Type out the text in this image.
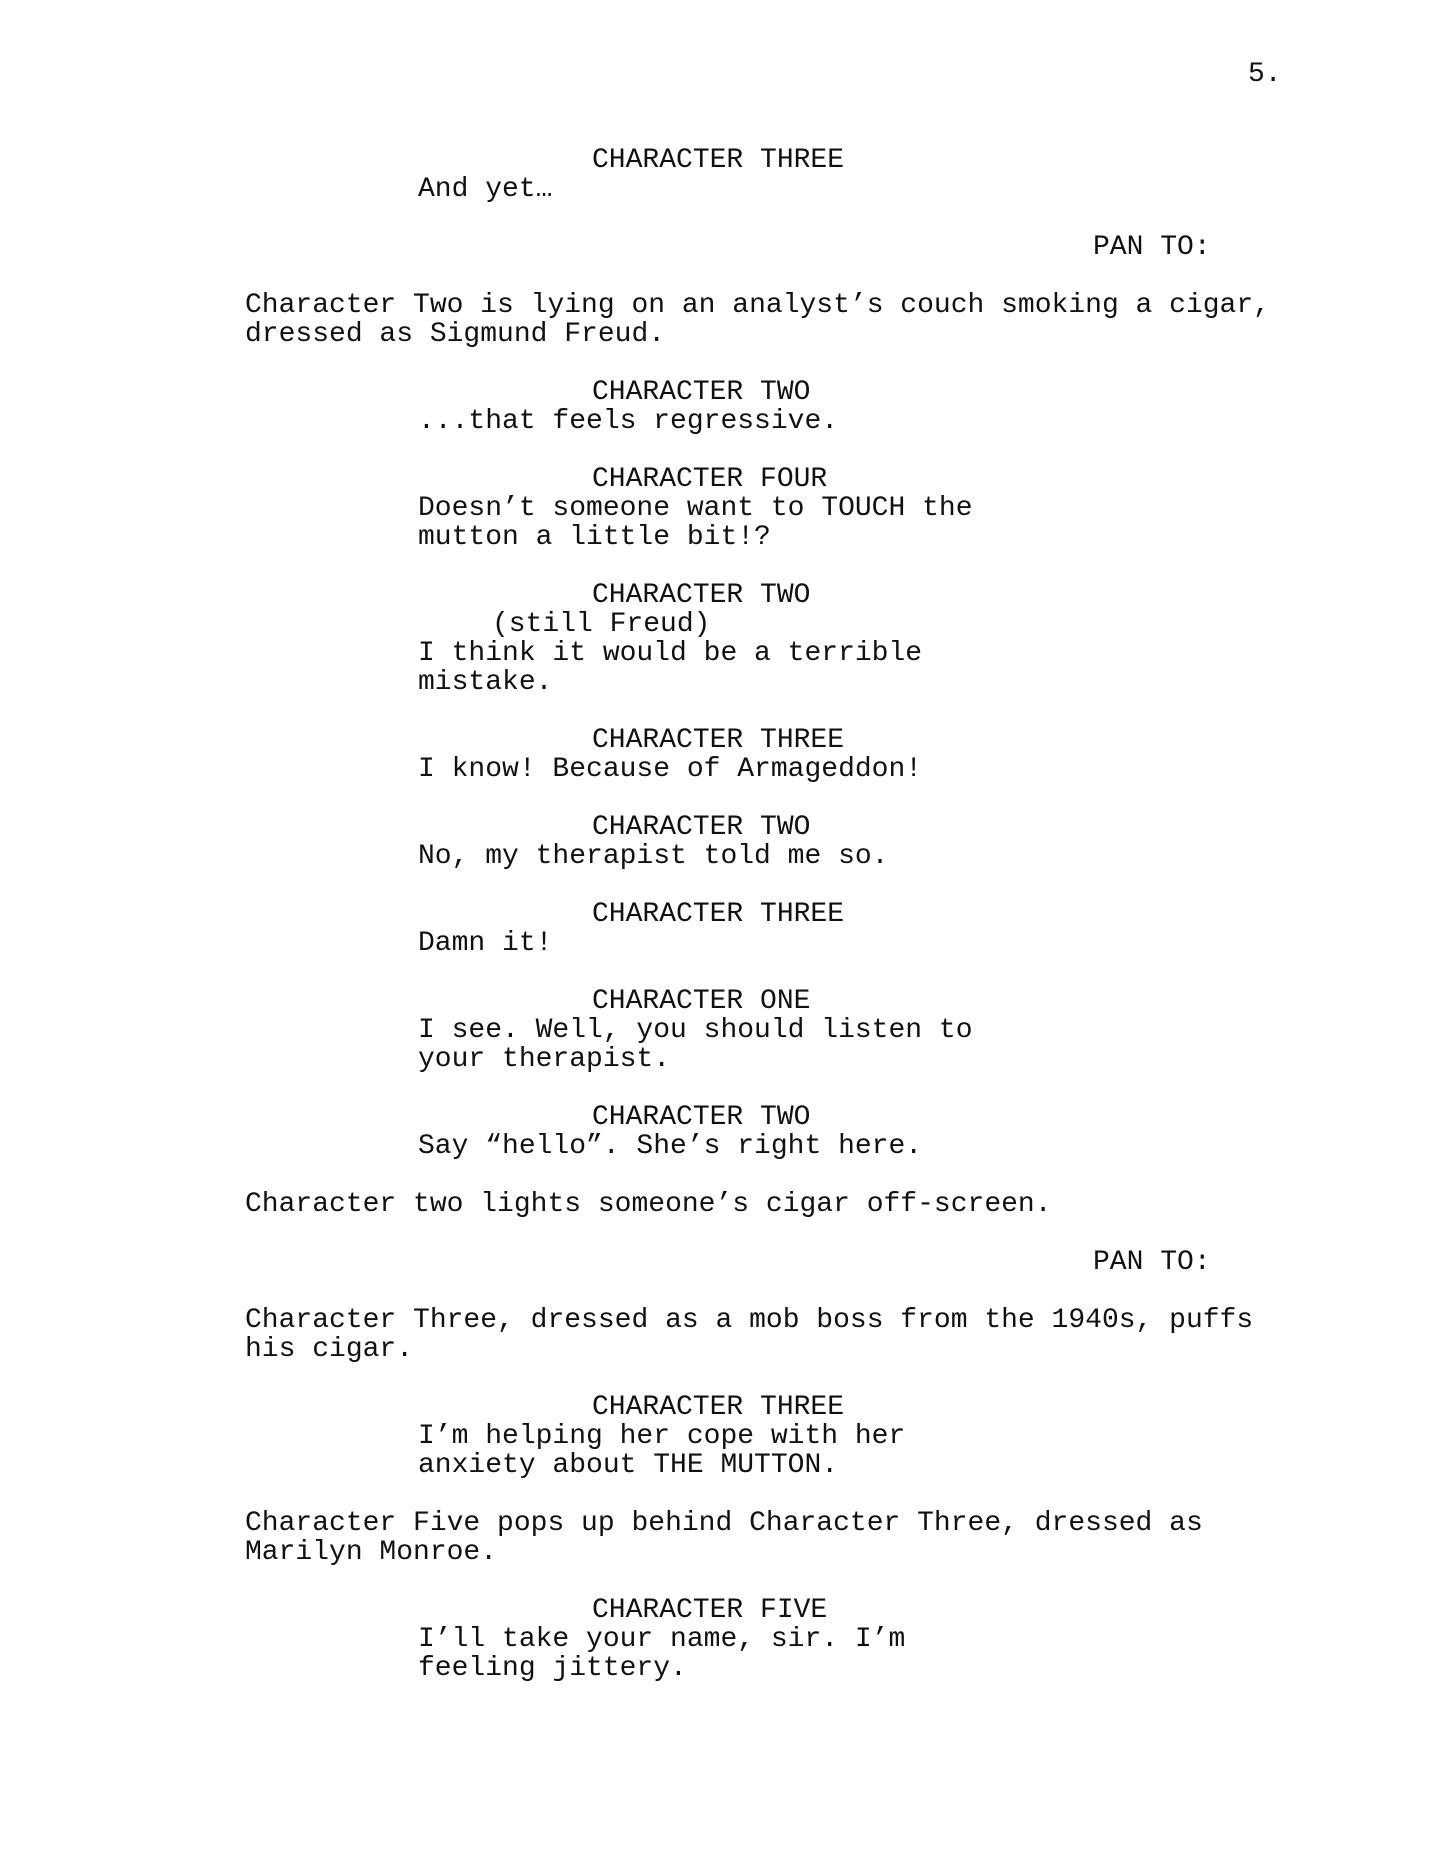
5.
CHARACTER THREE
And yet…
PAN TO:
Character Two is lying on an analyst’s couch smoking a cigar,
dressed as Sigmund Freud.
CHARACTER TWO
...that feels regressive.
CHARACTER FOUR
Doesn’t someone want to TOUCH the
mutton a little bit!?
CHARACTER TWO
(still Freud)
I think it would be a terrible
mistake.
CHARACTER THREE
I know! Because of Armageddon!
CHARACTER TWO
No, my therapist told me so.
CHARACTER THREE
Damn it!
CHARACTER ONE
I see. Well, you should listen to
your therapist.
CHARACTER TWO
Say “hello”. She’s right here.
Character two lights someone’s cigar off-screen.
PAN TO:
Character Three, dressed as a mob boss from the 1940s, puffs
his cigar.
CHARACTER THREE
I’m helping her cope with her
anxiety about THE MUTTON.
Character Five pops up behind Character Three, dressed as
Marilyn Monroe.
CHARACTER FIVE
I’ll take your name, sir. I’m
feeling jittery.
